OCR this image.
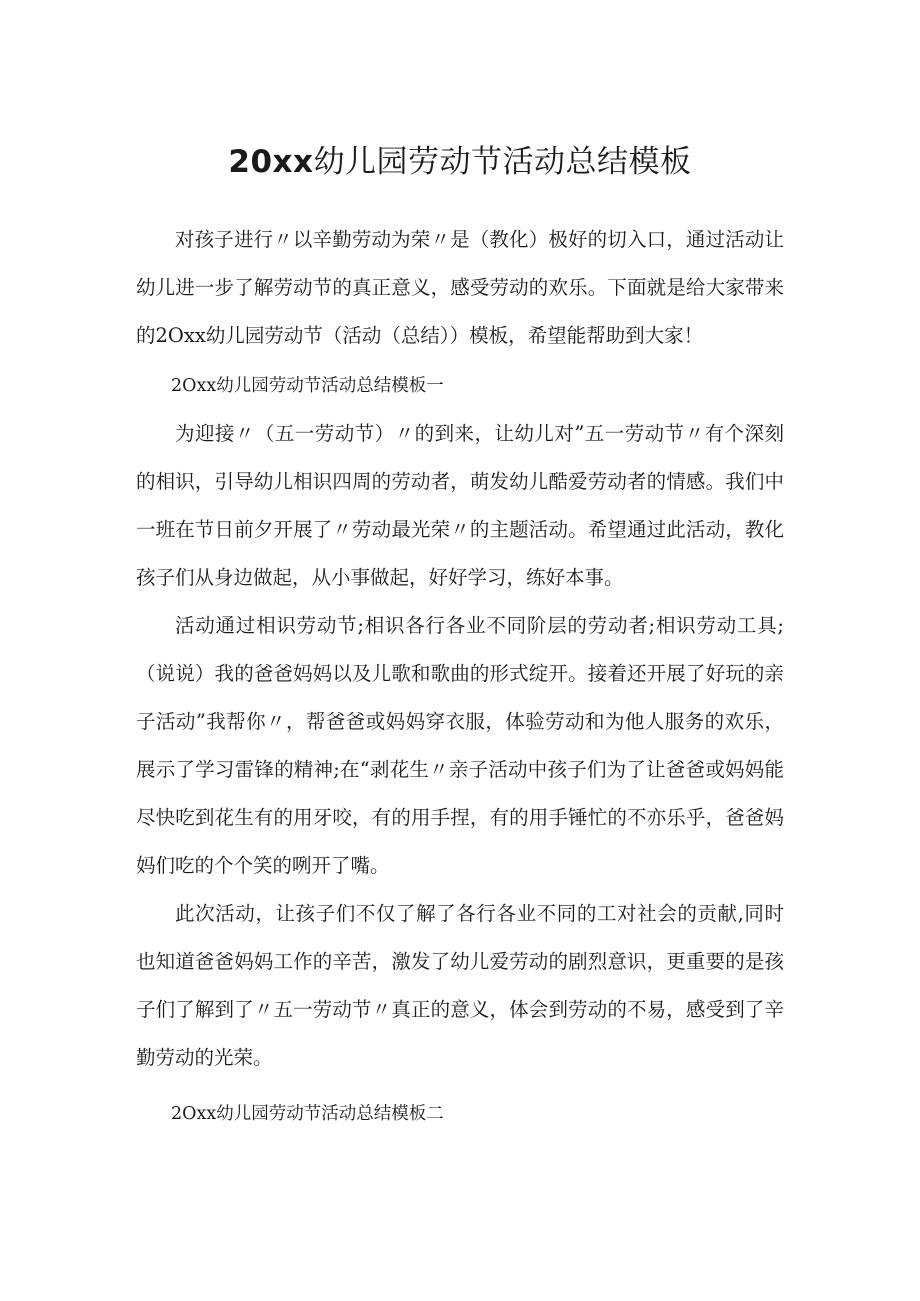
20xx幼儿园劳动节活动总结模板

对孩子进行〃以辛勤劳动为荣〃是（教化）极好的切入口，通过活动让幼儿进一步了解劳动节的真正意义，感受劳动的欢乐。下面就是给大家带来的2Oxx幼儿园劳动节（活动（总结））模板，希望能帮助到大家！

2Oxx幼儿园劳动节活动总结模板一

为迎接〃（五一劳动节）〃的到来，让幼儿对”五一劳动节〃有个深刻的相识，引导幼儿相识四周的劳动者，萌发幼儿酷爱劳动者的情感。我们中一班在节日前夕开展了〃劳动最光荣〃的主题活动。希望通过此活动，教化孩子们从身边做起，从小事做起，好好学习，练好本事。

活动通过相识劳动节;相识各行各业不同阶层的劳动者;相识劳动工具;（说说）我的爸爸妈妈以及儿歌和歌曲的形式绽开。接着还开展了好玩的亲子活动”我帮你〃，帮爸爸或妈妈穿衣服，体验劳动和为他人服务的欢乐，展示了学习雷锋的精神;在“剥花生〃亲子活动中孩子们为了让爸爸或妈妈能尽快吃到花生有的用牙咬，有的用手捏，有的用手锤忙的不亦乐乎，爸爸妈妈们吃的个个笑的咧开了嘴。

此次活动，让孩子们不仅了解了各行各业不同的工对社会的贡献,同时也知道爸爸妈妈工作的辛苦，激发了幼儿爱劳动的剧烈意识，更重要的是孩子们了解到了〃五一劳动节〃真正的意义，体会到劳动的不易，感受到了辛勤劳动的光荣。

2Oxx幼儿园劳动节活动总结模板二
